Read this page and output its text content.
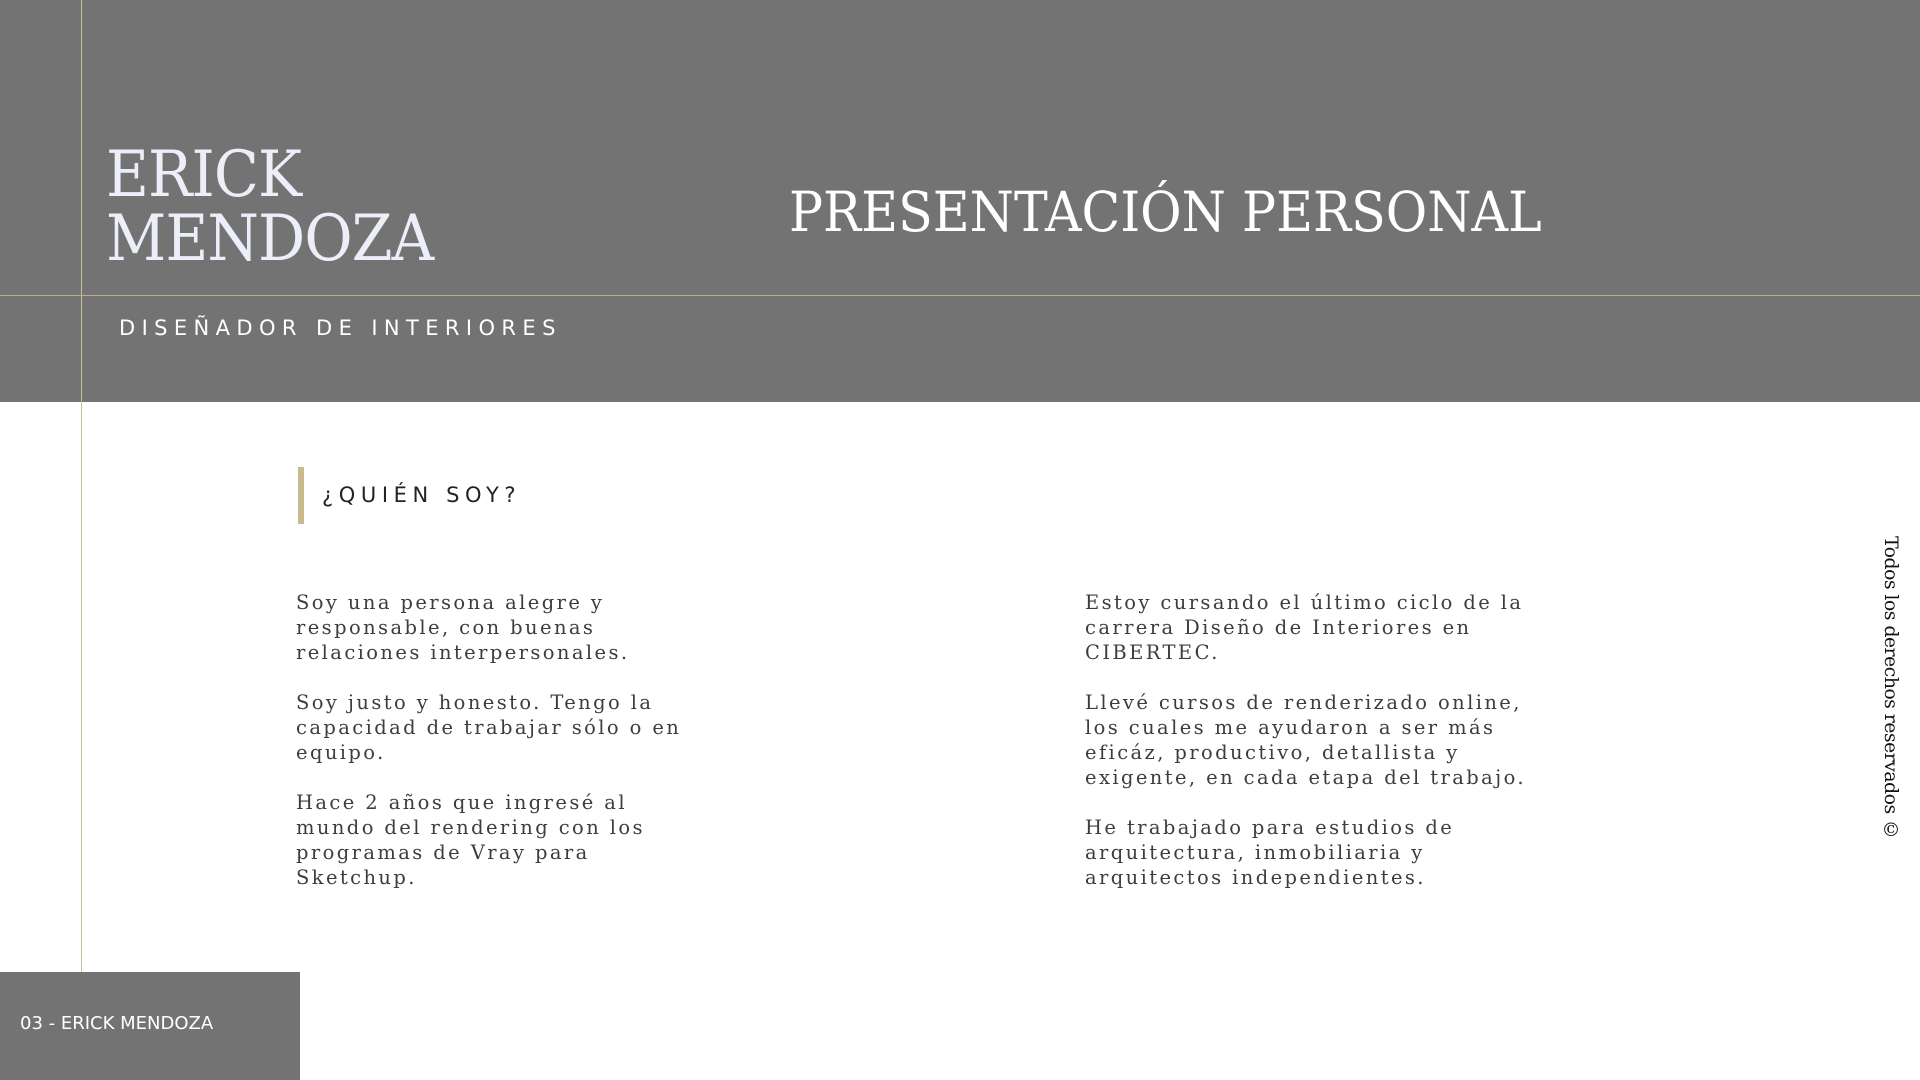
ERICK
MENDOZA
DISEÑADOR DE INTERIORES
PRESENTACIÓN PERSONAL
¿QUIÉN SOY?

Soy una persona alegre y
responsable, con buenas
relaciones interpersonales.

Soy justo y honesto. Tengo la
capacidad de trabajar sólo o en
equipo.

Hace 2 años que ingresé al
mundo del rendering con los
programas de Vray para
Sketchup.

Estoy cursando el último ciclo de la
carrera Diseño de Interiores en
CIBERTEC.

Llevé cursos de renderizado online,
los cuales me ayudaron a ser más
eficáz, productivo, detallista y
exigente, en cada etapa del trabajo.

He trabajado para estudios de
arquitectura, inmobiliaria y
arquitectos independientes.

Todos los derechos reservados ©
03 - ERICK MENDOZA
